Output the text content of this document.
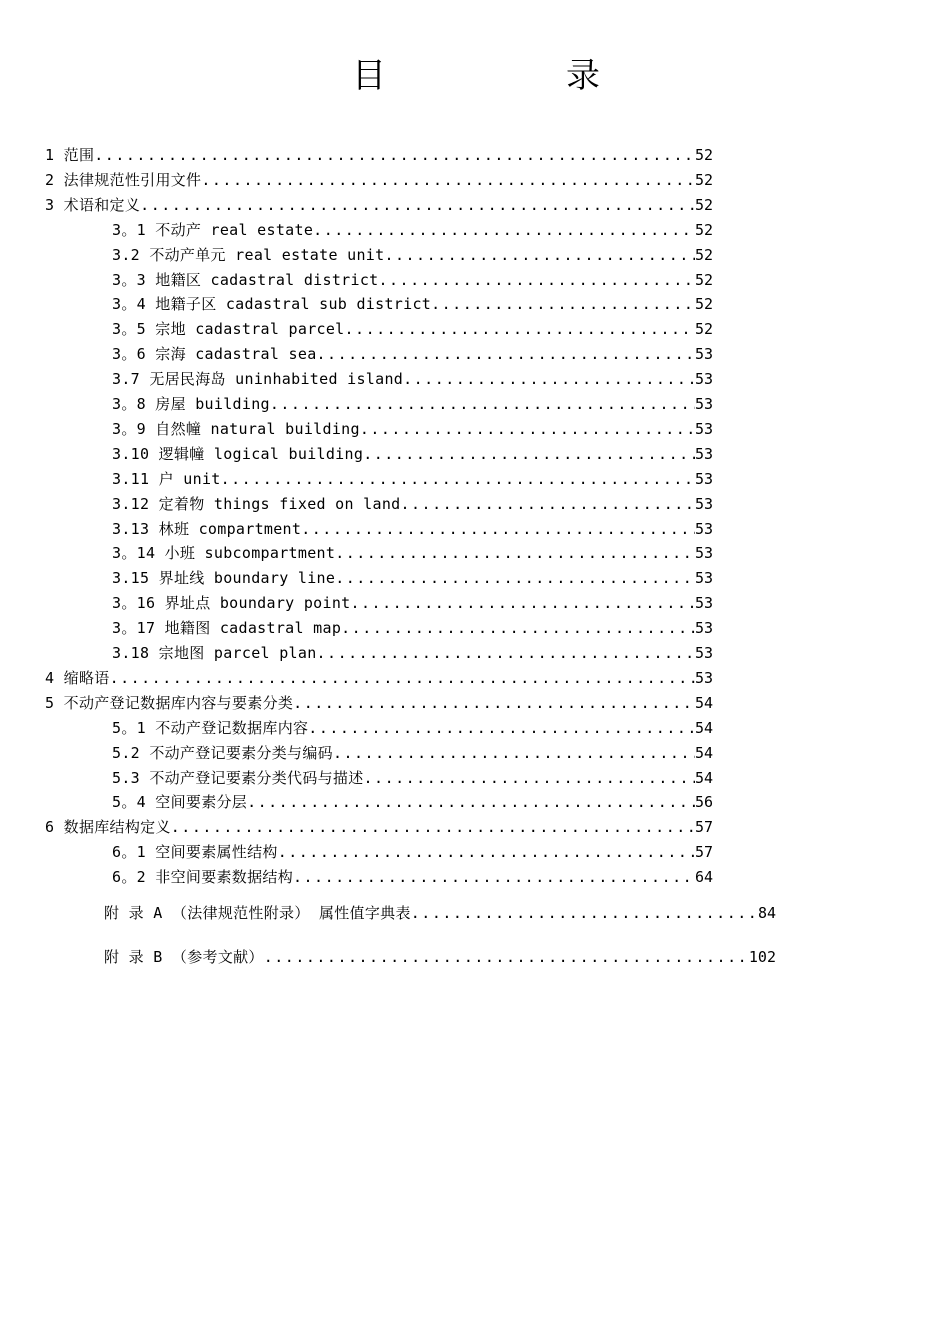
目	录
1 范围 .....	52
2 法律规范性引用文件 .....	52
3 术语和定义 .....	52
3。1 不动产 real estate .....	52
3.2 不动产单元 real estate unit .....	52
3。3 地籍区 cadastral district .....	52
3。4 地籍子区 cadastral sub district .....	52
3。5 宗地 cadastral parcel .....	52
3。6 宗海 cadastral sea .....	53
3.7 无居民海岛 uninhabited island .....	53
3。8 房屋 building .....	53
3。9 自然幢 natural building .....	53
3.10 逻辑幢 logical building .....	53
3.11 户 unit .....	53
3.12 定着物 things fixed on land .....	53
3.13 林班 compartment .....	53
3。14 小班 subcompartment .....	53
3.15 界址线 boundary line .....	53
3。16 界址点 boundary point .....	53
3。17 地籍图 cadastral map .....	53
3.18 宗地图 parcel plan .....	53
4 缩略语 .....	53
5 不动产登记数据库内容与要素分类 .....	54
5。1 不动产登记数据库内容 .....	54
5.2 不动产登记要素分类与编码 .....	54
5.3 不动产登记要素分类代码与描述 .....	54
5。4 空间要素分层 .....	56
6 数据库结构定义 .....	57
6。1 空间要素属性结构 .....	57
6。2 非空间要素数据结构 .....	64
附 录 A （法律规范性附录） 属性值字典表 .....	84
附 录 B （参考文献） .....	102
